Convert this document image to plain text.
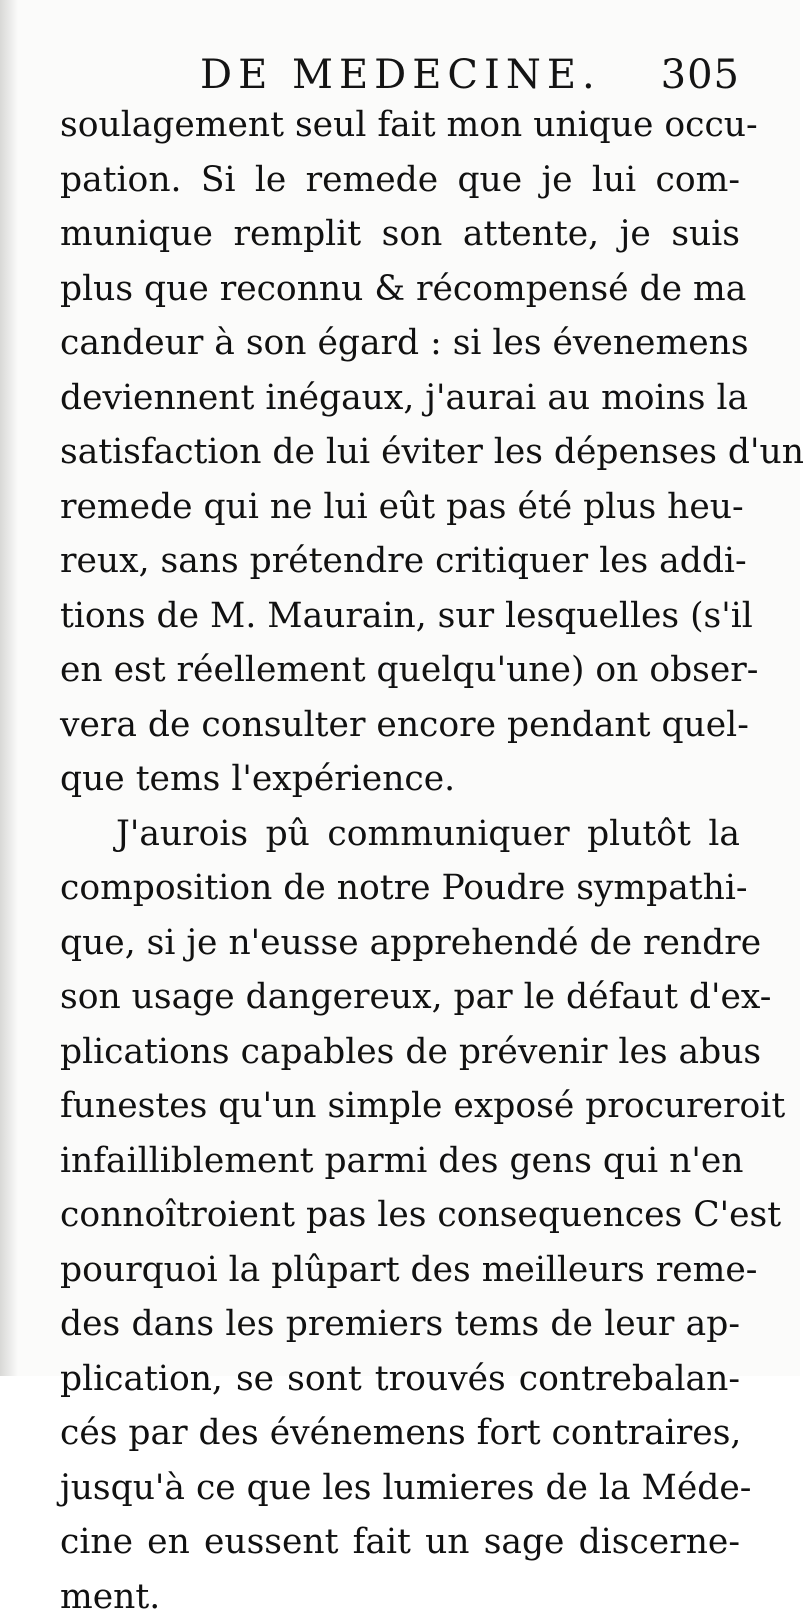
DE MEDECINE. 305
soulagement seul fait mon unique occu-
pation. Si le remede que je lui com-
munique remplit son attente, je suis
plus que reconnu & récompensé de ma
candeur à son égard : si les évenemens
deviennent inégaux, j'aurai au moins la
satisfaction de lui éviter les dépenses d'un
remede qui ne lui eût pas été plus heu-
reux, sans prétendre critiquer les addi-
tions de M. Maurain, sur lesquelles (s'il
en est réellement quelqu'une) on obser-
vera de consulter encore pendant quel-
que tems l'expérience.
J'aurois pû communiquer plutôt la
composition de notre Poudre sympathi-
que, si je n'eusse apprehendé de rendre
son usage dangereux, par le défaut d'ex-
plications capables de prévenir les abus
funestes qu'un simple exposé procureroit
infailliblement parmi des gens qui n'en
connoîtroient pas les consequences C'est
pourquoi la plûpart des meilleurs reme-
des dans les premiers tems de leur ap-
plication, se sont trouvés contrebalan-
cés par des événemens fort contraires,
jusqu'à ce que les lumieres de la Méde-
cine en eussent fait un sage discerne-
ment.
